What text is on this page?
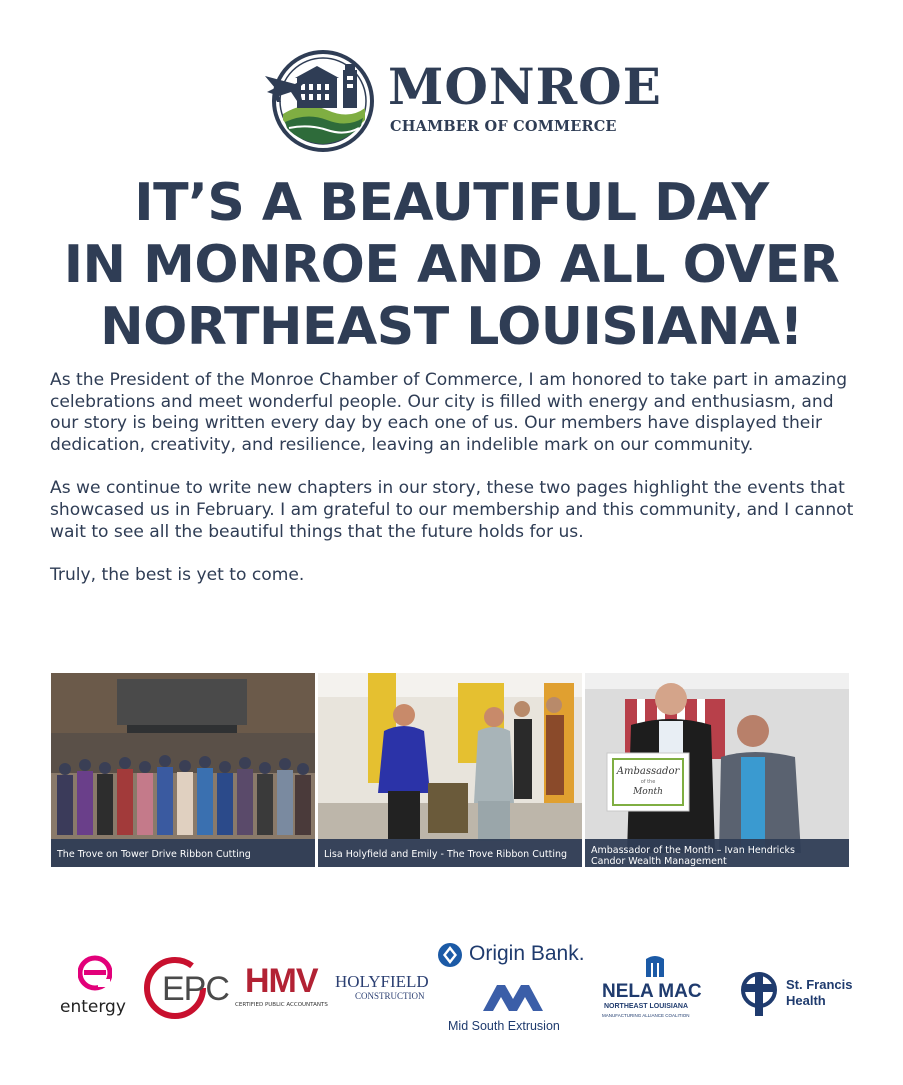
MONROE
CHAMBER OF COMMERCE
IT’S A BEAUTIFUL DAY
IN MONROE AND ALL OVER
NORTHEAST LOUISIANA!

As the President of the Monroe Chamber of Commerce, I am honored to take part in amazing celebrations and meet wonderful people. Our city is filled with energy and enthusiasm, and our story is being written every day by each one of us. Our members have displayed their dedication, creativity, and resilience, leaving an indelible mark on our community.

As we continue to write new chapters in our story, these two pages highlight the events that showcased us in February. I am grateful to our membership and this community, and I cannot wait to see all the beautiful things that the future holds for us.

Truly, the best is yet to come.

The Trove on Tower Drive Ribbon Cutting	Lisa Holyfield and Emily - The Trove Ribbon Cutting
Ambassador
of the
Month
Ambassador of the Month – Ivan Hendricks
Candor Wealth Management
entergy EPC HMV
CERTIFIED PUBLIC ACCOUNTANTS
HOLYFIELD
CONSTRUCTION
Origin Bank.
Mid South Extrusion
NELA MAC
NORTHEAST LOUISIANA
MANUFACTURING ALLIANCE COALITION
St. Francis
Health
